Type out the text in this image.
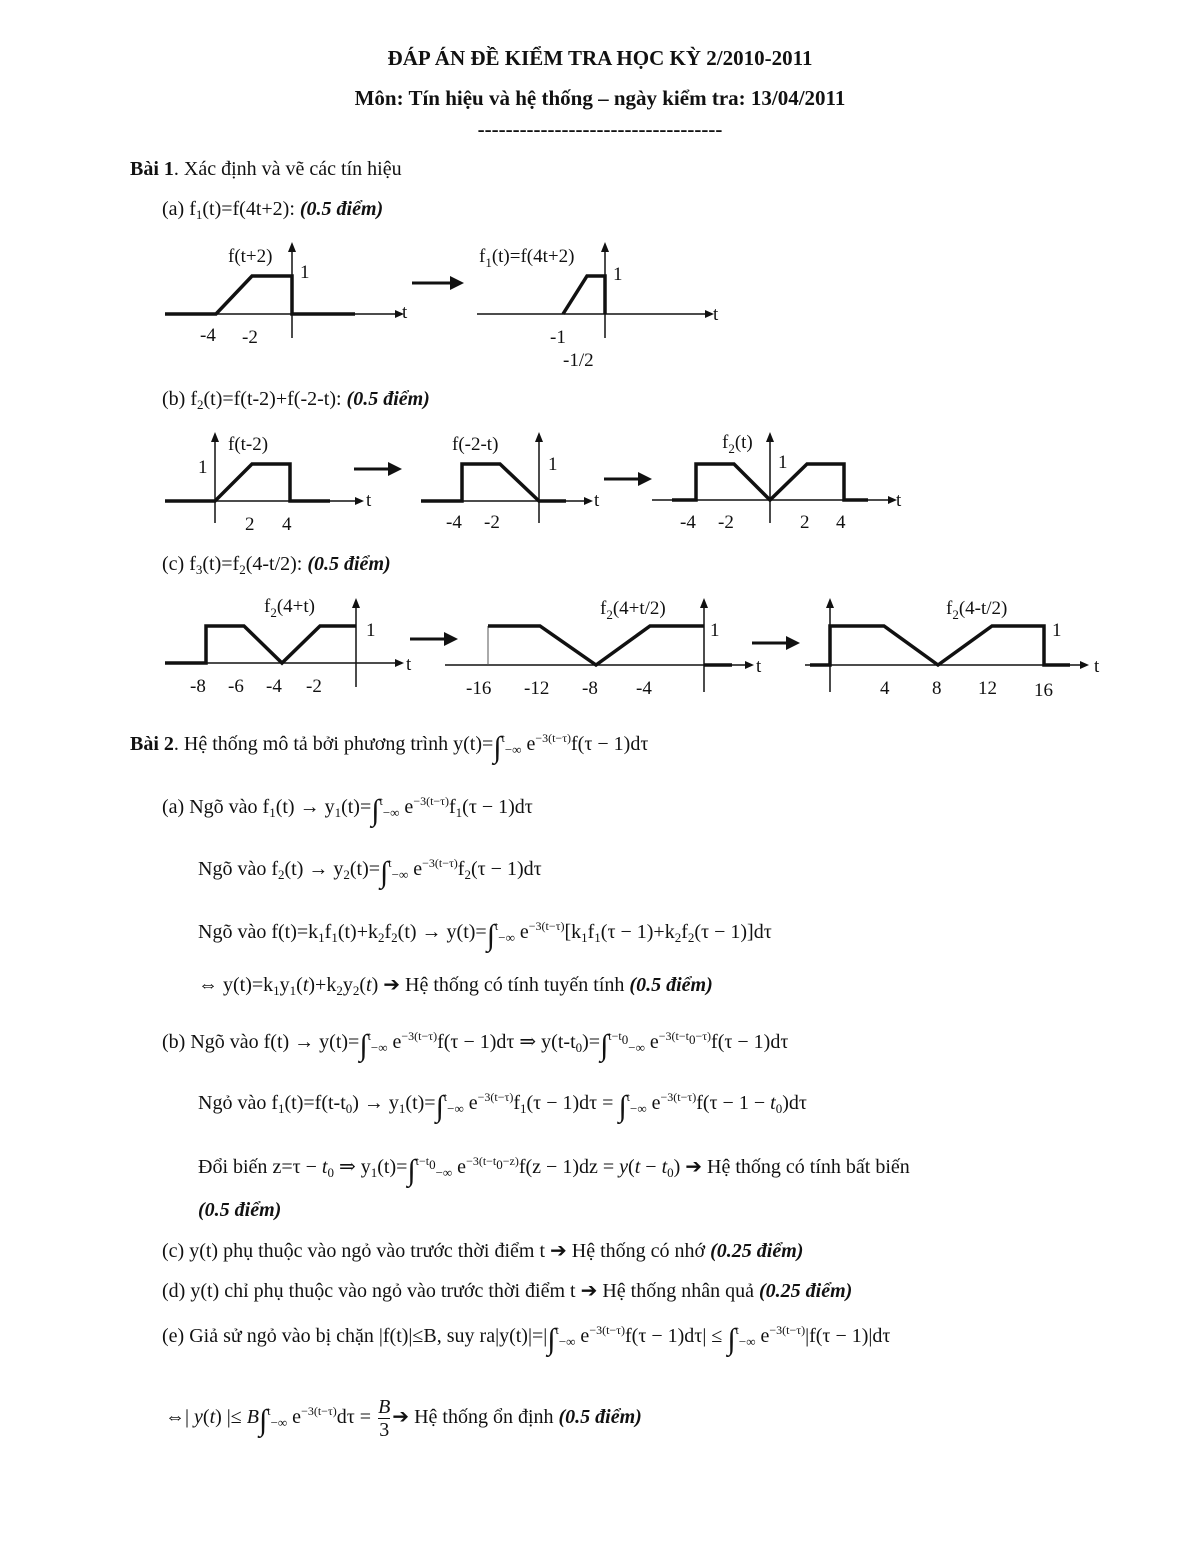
ĐÁP ÁN ĐỀ KIỂM TRA HỌC KỲ 2/2010-2011
Môn: Tín hiệu và hệ thống – ngày kiểm tra: 13/04/2011
-----------------------------------
Bài 1. Xác định và vẽ các tín hiệu
(a) $f_1(t)=f(4t+2)$: (0.5 điểm)
f(t+2)
1
t
-4 -2
$f_1(t)=f(4t+2)$
1
t
-1
-1/2
(b) $f_2(t)=f(t-2)+f(-2-t)$: (0.5 điểm)
f(t-2)
1
t
2 4
f(-2-t)
1
t
-4 -2
$f_2(t)$
1
t
-4 -2	2 4
(c) $f_3(t)=f_2(4-t/2)$: (0.5 điểm)
$f_2(4+t)$
1
t
-8 -6 -4 -2
$f_2(4+t/2)$
1
t
-16 -12 -8 -4
$f_2(4-t/2)$
1
t
4 8 12 16
Bài 2. Hệ thống mô tả bởi phương trình y(t)=∫$^t_{-\infty}$ $e^{-3(t-\tau)}f(\tau - 1)d\tau$
(a) Ngõ vào $f_1(t) \to y_1(t)=\int^t_{-\infty}$ $e^{-3(t-\tau)}f_1(\tau - 1)d\tau$
Ngõ vào $f_2(t) \to y_2(t)=\int^t_{-\infty}$ $e^{-3(t-\tau)}f_2(\tau - 1)d\tau$
Ngõ vào $f(t)=k_1f_1(t)+k_2f_2(t) \to y(t)=\int^t_{-\infty}$ $e^{-3(t-\tau)}[k_1f_1(\tau - 1)+k_2f_2(\tau - 1)]d\tau$
⇔ $y(t)=k_1y_1(t)+k_2y_2(t)$ ➔ Hệ thống có tính tuyến tính (0.5 điểm)
(b) Ngõ vào f(t) → y(t)=∫$^t_{-\infty}$ $e^{-3(t-\tau)}f(\tau - 1)d\tau$ ⇒ $y(t-t_0)=\int^{t-t_0}_{-\infty}$ $e^{-3(t-t_0-\tau)}f(\tau - 1)d\tau$
Ngỏ vào $f_1(t)=f(t-t_0) \to y_1(t)=\int^t_{-\infty}$ $e^{-3(t-\tau)}f_1(\tau - 1)d\tau = \int^t_{-\infty}$ $e^{-3(t-\tau)}f(\tau - 1 - t_0)d\tau$
Đổi biến $z=\tau - t_0$ ⇒ $y_1(t)=\int^{t-t_0}_{-\infty}$ $e^{-3(t-t_0-z)}f(z - 1)dz = y(t - t_0)$ ➔ Hệ thống có tính bất biến
(0.5 điểm)
(c) y(t) phụ thuộc vào ngỏ vào trước thời điểm t ➔ Hệ thống có nhớ (0.25 điểm)
(d) y(t) chỉ phụ thuộc vào ngỏ vào trước thời điểm t ➔ Hệ thống nhân quả (0.25 điểm)
(e) Giả sử ngỏ vào bị chặn |f(t)|≤B, suy ra|y(t)|=|∫$^t_{-\infty}$ $e^{-3(t-\tau)}f(\tau - 1)d\tau| \le \int^t_{-\infty}$ $e^{-3(t-\tau)}|f(\tau - 1)|d\tau$
⇔| y(t) |≤ B∫$^t_{-\infty}$ $e^{-3(t-\tau)}d\tau = \frac{B}{3}$ ➔ Hệ thống ổn định (0.5 điểm)
